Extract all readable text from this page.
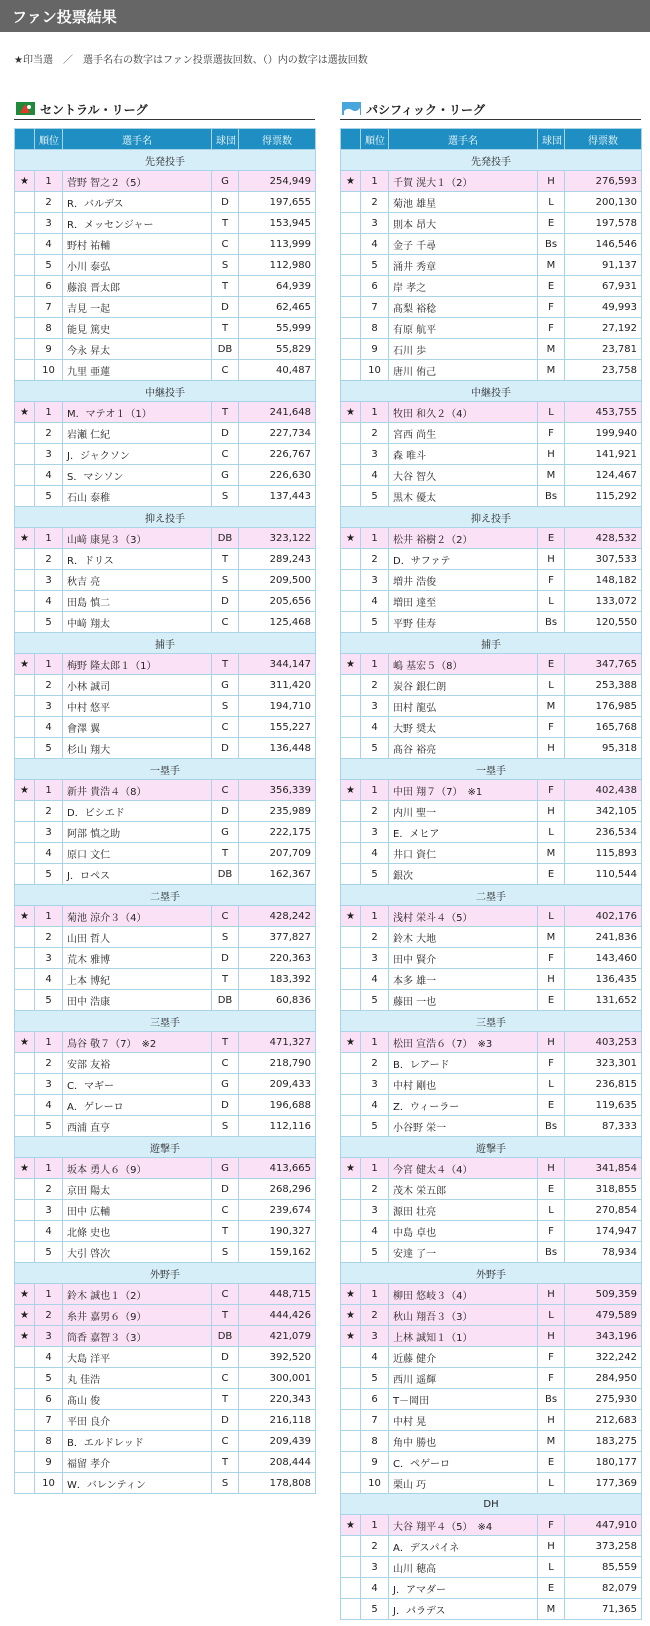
ファン投票結果
★印当選　／　選手名右の数字はファン投票選抜回数、（）内の数字は選抜回数
セントラル・リーグ
	順位	選手名	球団	得票数
先発投手				
★	1	菅野 智之２（5）	G	254,949
	2	R．バルデス	D	197,655
	3	R．メッセンジャー	T	153,945
	4	野村 祐輔	C	113,999
	5	小川 泰弘	S	112,980
	6	藤浪 晋太郎	T	64,939
	7	吉見 一起	D	62,465
	8	能見 篤史	T	55,999
	9	今永 昇太	DB	55,829
	10	九里 亜蓮	C	40,487
中継投手				
★	1	M．マテオ１（1）	T	241,648
	2	岩瀬 仁紀	D	227,734
	3	J．ジャクソン	C	226,767
	4	S．マシソン	G	226,630
	5	石山 泰稚	S	137,443
抑え投手				
★	1	山﨑 康晃３（3）	DB	323,122
	2	R．ドリス	T	289,243
	3	秋吉 亮	S	209,500
	4	田島 慎二	D	205,656
	5	中﨑 翔太	C	125,468
捕手				
★	1	梅野 隆太郎１（1）	T	344,147
	2	小林 誠司	G	311,420
	3	中村 悠平	S	194,710
	4	會澤 翼	C	155,227
	5	杉山 翔大	D	136,448
一塁手				
★	1	新井 貴浩４（8）	C	356,339
	2	D．ビシエド	D	235,989
	3	阿部 慎之助	G	222,175
	4	原口 文仁	T	207,709
	5	J．ロペス	DB	162,367
二塁手				
★	1	菊池 涼介３（4）	C	428,242
	2	山田 哲人	S	377,827
	3	荒木 雅博	D	220,363
	4	上本 博紀	T	183,392
	5	田中 浩康	DB	60,836
三塁手				
★	1	鳥谷 敬７（7）　※2	T	471,327
	2	安部 友裕	C	218,790
	3	C．マギー	G	209,433
	4	A．ゲレーロ	D	196,688
	5	西浦 直亨	S	112,116
遊撃手				
★	1	坂本 勇人６（9）	G	413,665
	2	京田 陽太	D	268,296
	3	田中 広輔	C	239,674
	4	北條 史也	T	190,327
	5	大引 啓次	S	159,162
外野手				
★	1	鈴木 誠也１（2）	C	448,715
★	2	糸井 嘉男６（9）	T	444,426
★	3	筒香 嘉智３（3）	DB	421,079
	4	大島 洋平	D	392,520
	5	丸 佳浩	C	300,001
	6	髙山 俊	T	220,343
	7	平田 良介	D	216,118
	8	B．エルドレッド	C	209,439
	9	福留 孝介	T	208,444
	10	W．バレンティン	S	178,808
パシフィック・リーグ
	順位	選手名	球団	得票数
先発投手				
★	1	千賀 滉大１（2）	H	276,593
	2	菊池 雄星	L	200,130
	3	則本 昂大	E	197,578
	4	金子 千尋	Bs	146,546
	5	涌井 秀章	M	91,137
	6	岸 孝之	E	67,931
	7	髙梨 裕稔	F	49,993
	8	有原 航平	F	27,192
	9	石川 歩	M	23,781
	10	唐川 侑己	M	23,758
中継投手				
★	1	牧田 和久２（4）	L	453,755
	2	宮西 尚生	F	199,940
	3	森 唯斗	H	141,921
	4	大谷 智久	M	124,467
	5	黒木 優太	Bs	115,292
抑え投手				
★	1	松井 裕樹２（2）	E	428,532
	2	D．サファテ	H	307,533
	3	増井 浩俊	F	148,182
	4	増田 達至	L	133,072
	5	平野 佳寿	Bs	120,550
捕手				
★	1	嶋 基宏５（8）	E	347,765
	2	炭谷 銀仁朗	L	253,388
	3	田村 龍弘	M	176,985
	4	大野 奨太	F	165,768
	5	髙谷 裕亮	H	95,318
一塁手				
★	1	中田 翔７（7）　※1	F	402,438
	2	内川 聖一	H	342,105
	3	E．メヒア	L	236,534
	4	井口 資仁	M	115,893
	5	銀次	E	110,544
二塁手				
★	1	浅村 栄斗４（5）	L	402,176
	2	鈴木 大地	M	241,836
	3	田中 賢介	F	143,460
	4	本多 雄一	H	136,435
	5	藤田 一也	E	131,652
三塁手				
★	1	松田 宣浩６（7）　※3	H	403,253
	2	B．レアード	F	323,301
	3	中村 剛也	L	236,815
	4	Z．ウィーラー	E	119,635
	5	小谷野 栄一	Bs	87,333
遊撃手				
★	1	今宮 健太４（4）	H	341,854
	2	茂木 栄五郎	E	318,855
	3	源田 壮亮	L	270,854
	4	中島 卓也	F	174,947
	5	安達 了一	Bs	78,934
外野手				
★	1	柳田 悠岐３（4）	H	509,359
★	2	秋山 翔吾３（3）	L	479,589
★	3	上林 誠知１（1）	H	343,196
	4	近藤 健介	F	322,242
	5	西川 遥輝	F	284,950
	6	T－岡田	Bs	275,930
	7	中村 晃	H	212,683
	8	角中 勝也	M	183,275
	9	C．ペゲーロ	E	180,177
	10	栗山 巧	L	177,369
DH				
★	1	大谷 翔平４（5）　※4	F	447,910
	2	A．デスパイネ	H	373,258
	3	山川 穂高	L	85,559
	4	J．アマダー	E	82,079
	5	J．パラデス	M	71,365
